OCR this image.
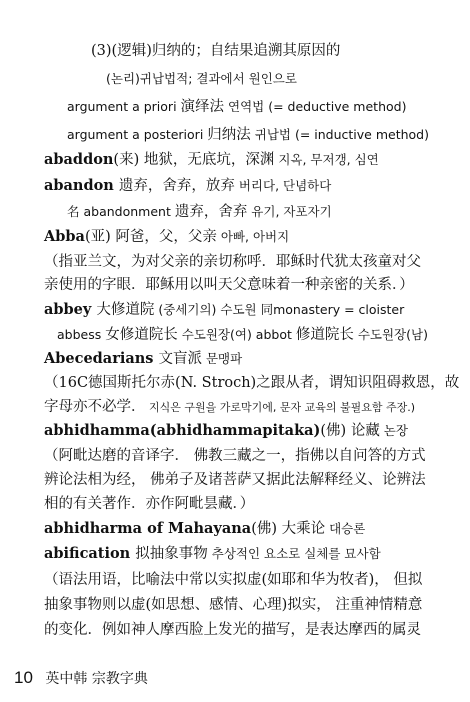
(3)(逻辑)归纳的；自结果追溯其原因的
(논리)귀납법적; 결과에서 원인으로
argument a priori 演绎法 연역법 (= deductive method)
argument a posteriori 归纳法 귀납법 (= inductive method)
abaddon(来) 地狱，无底坑，深渊 지옥, 무저갱, 심연
abandon 遗弃，舍弃，放弃 버리다, 단념하다
名 abandonment 遗弃，舍弃 유기, 자포자기
Abba(亚) 阿爸，父，父亲 아빠, 아버지
（指亚兰文，为对父亲的亲切称呼．耶稣时代犹太孩童对父
亲使用的字眼．耶稣用以叫天父意味着一种亲密的关系．）
abbey 大修道院 (중세기의) 수도원 同monastery = cloister
abbess 女修道院长 수도원장(여) abbot 修道院长 수도원장(남)
Abecedarians 文盲派 문맹파
（16C德国斯托尔赤(N. Stroch)之跟从者，谓知识阻碍救恩，故
字母亦不必学． 지식은 구원을 가로막기에, 문자 교육의 불필요함 주장.)
abhidhamma(abhidhammapitaka)(佛) 论藏 논장
（阿毗达磨的音译字． 佛教三藏之一，指佛以自问答的方式
辨论法相为经， 佛弟子及诸菩萨又据此法解释经义、论辨法
相的有关著作．亦作阿毗昙藏．）
abhidharma of Mahayana(佛) 大乘论 대승론
abification 拟抽象事物 추상적인 요소로 실체를 묘사함
（语法用语，比喻法中常以实拟虚(如耶和华为牧者)， 但拟
抽象事物则以虚(如思想、感情、心理)拟实， 注重神情精意
的变化．例如神人摩西脸上发光的描写，是表达摩西的属灵
10 英中韩 宗教字典
